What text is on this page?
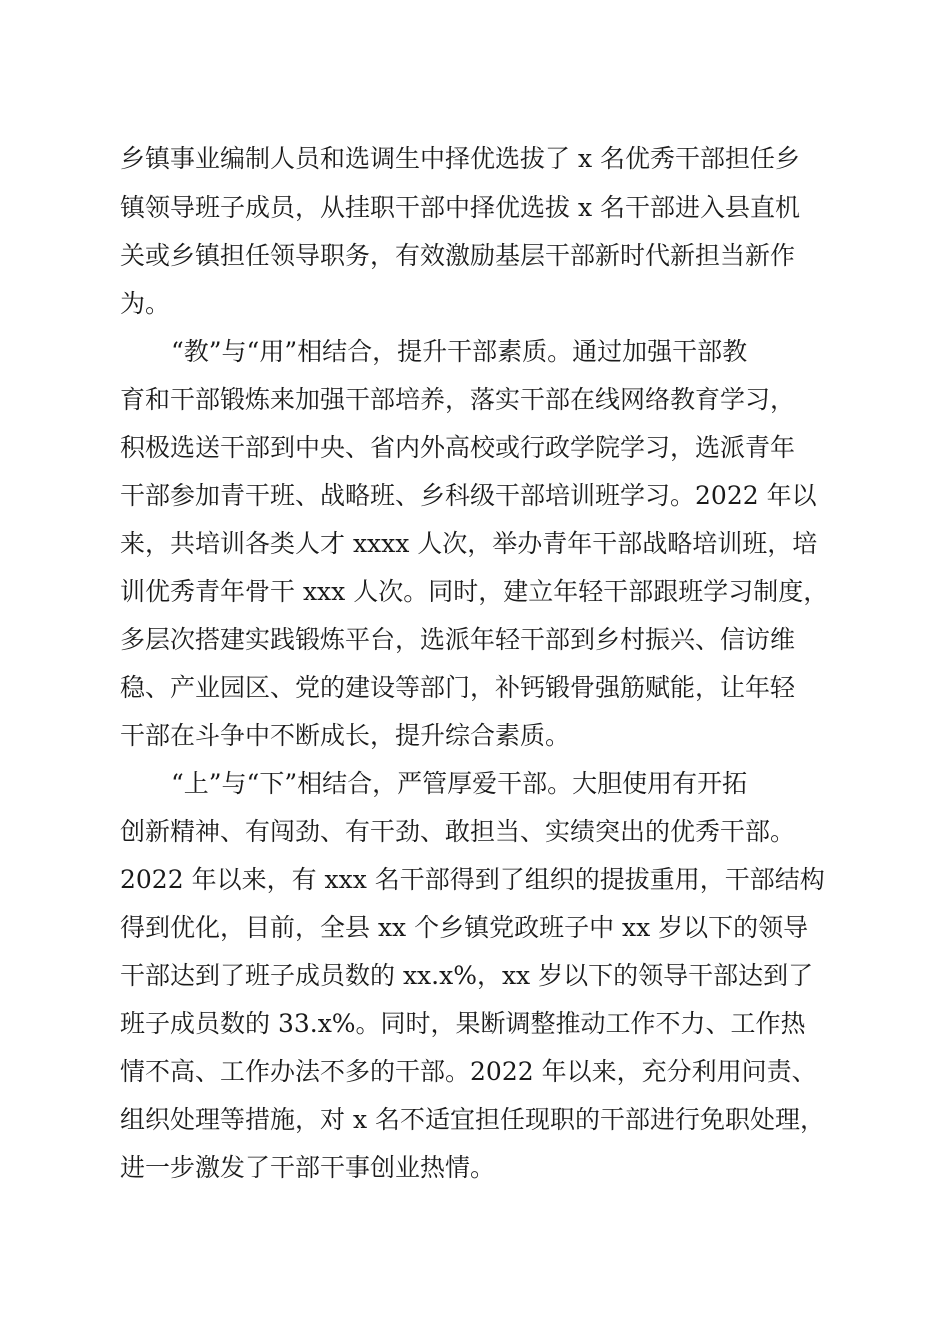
乡镇事业编制人员和选调生中择优选拔了 x 名优秀干部担任乡
镇领导班子成员，从挂职干部中择优选拔 x 名干部进入县直机
关或乡镇担任领导职务，有效激励基层干部新时代新担当新作
为。
“教”与“用”相结合，提升干部素质。通过加强干部教
育和干部锻炼来加强干部培养，落实干部在线网络教育学习，
积极选送干部到中央、省内外高校或行政学院学习，选派青年
干部参加青干班、战略班、乡科级干部培训班学习。2022 年以
来，共培训各类人才 xxxx 人次，举办青年干部战略培训班，培
训优秀青年骨干 xxx 人次。同时，建立年轻干部跟班学习制度，
多层次搭建实践锻炼平台，选派年轻干部到乡村振兴、信访维
稳、产业园区、党的建设等部门，补钙锻骨强筋赋能，让年轻
干部在斗争中不断成长，提升综合素质。
“上”与“下”相结合，严管厚爱干部。大胆使用有开拓
创新精神、有闯劲、有干劲、敢担当、实绩突出的优秀干部。
2022 年以来，有 xxx 名干部得到了组织的提拔重用，干部结构
得到优化，目前，全县 xx 个乡镇党政班子中 xx 岁以下的领导
干部达到了班子成员数的 xx.x%，xx 岁以下的领导干部达到了
班子成员数的 33.x%。同时，果断调整推动工作不力、工作热
情不高、工作办法不多的干部。2022 年以来，充分利用问责、
组织处理等措施，对 x 名不适宜担任现职的干部进行免职处理，
进一步激发了干部干事创业热情。
